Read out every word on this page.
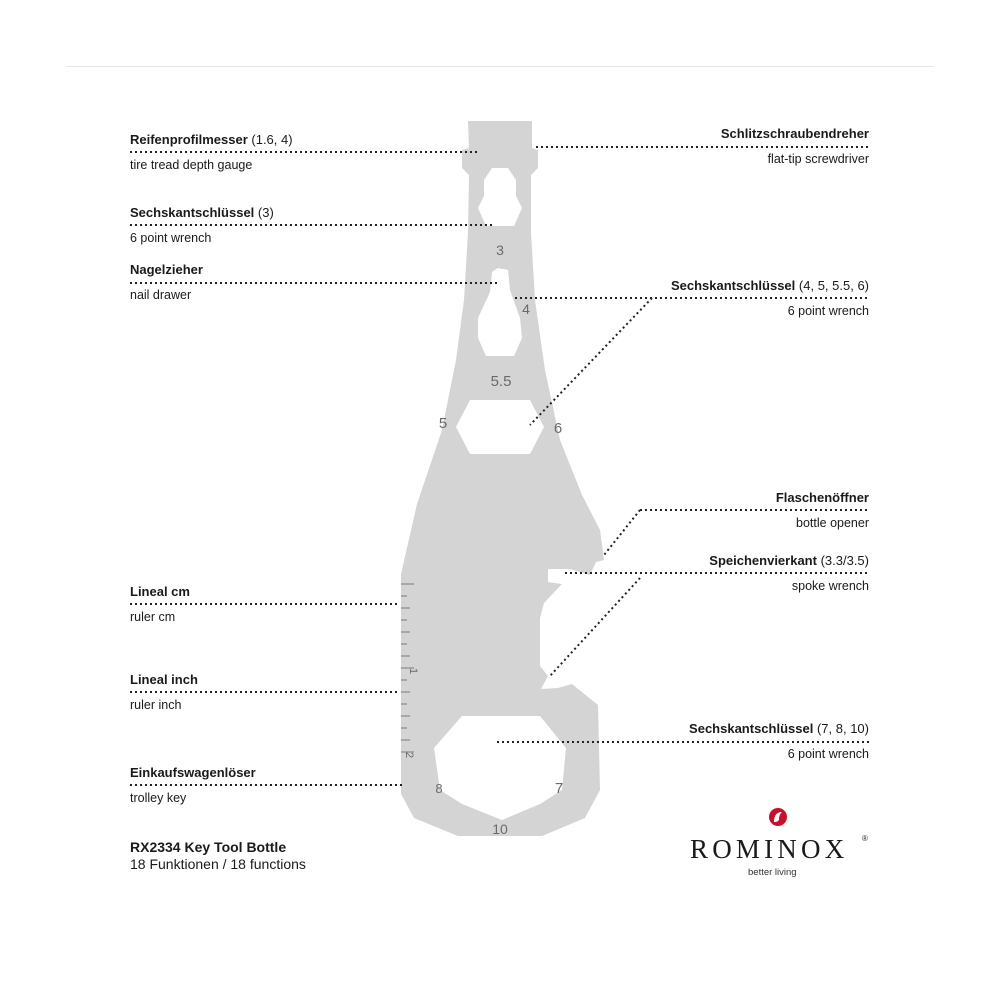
3
4
5.5
5	6
7
8
10
1
2
Reifenprofilmesser (1.6, 4)
tire tread depth gauge
Sechskantschlüssel (3)
6 point wrench
Nagelzieher
nail drawer
Lineal cm
ruler cm
Lineal inch
ruler inch
Einkaufswagenlöser
trolley key
Schlitzschraubendreher
flat-tip screwdriver
Sechskantschlüssel (4, 5, 5.5, 6)
6 point wrench
Flaschenöffner
bottle opener
Speichenvierkant (3.3/3.5)
spoke wrench
Sechskantschlüssel (7, 8, 10)
6 point wrench
RX2334 Key Tool Bottle
18 Funktionen / 18 functions	ROMINOX ®
better living
